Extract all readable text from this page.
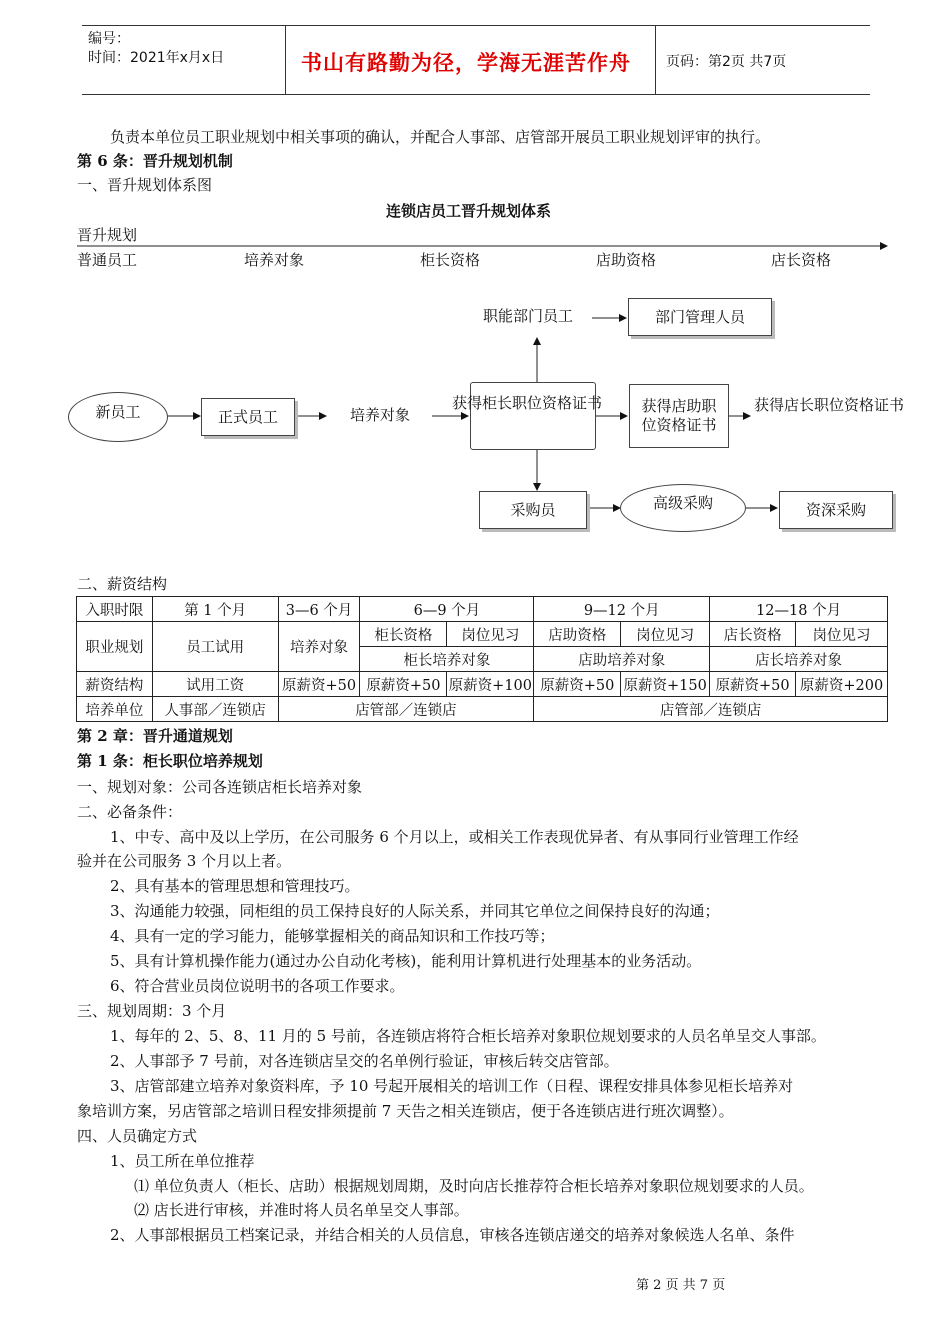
编号：
时间：2021年x月x日	书山有路勤为径，学海无涯苦作舟	页码：第2页 共7页
负责本单位员工职业规划中相关事项的确认，并配合人事部、店管部开展员工职业规划评审的执行。
第 6 条：晋升规划机制
一、晋升规划体系图
连锁店员工晋升规划体系
晋升规划
普通员工	培养对象	柜长资格	店助资格	店长资格
新员工	正式员工	培养对象
获得柜长职位资格证书	获得店助职
位资格证书
获得店长职位资格证书
职能部门员工	部门管理人员
采购员	高级采购	资深采购
二、薪资结构
入职时限	第 1 个月	3—6 个月	6—9 个月		9—12 个月		12—18 个月	
职业规划	员工试用	培养对象	柜长资格	岗位见习	店助资格	岗位见习	店长资格	岗位见习
			柜长培养对象		店助培养对象		店长培养对象	
薪资结构	试用工资	原薪资+50	原薪资+50	原薪资+100	原薪资+50	原薪资+150	原薪资+50	原薪资+200
培养单位	人事部／连锁店	店管部／连锁店			店管部／连锁店			
第 2 章：晋升通道规划
第 1 条：柜长职位培养规划
一、规划对象：公司各连锁店柜长培养对象
二、必备条件：
1、中专、高中及以上学历，在公司服务 6 个月以上，或相关工作表现优异者、有从事同行业管理工作经
验并在公司服务 3 个月以上者。
2、具有基本的管理思想和管理技巧。
3、沟通能力较强，同柜组的员工保持良好的人际关系，并同其它单位之间保持良好的沟通；
4、具有一定的学习能力，能够掌握相关的商品知识和工作技巧等；
5、具有计算机操作能力(通过办公自动化考核)，能利用计算机进行处理基本的业务活动。
6、符合营业员岗位说明书的各项工作要求。
三、规划周期：3 个月
1、每年的 2、5、8、11 月的 5 号前，各连锁店将符合柜长培养对象职位规划要求的人员名单呈交人事部。
2、人事部予 7 号前，对各连锁店呈交的名单例行验证，审核后转交店管部。
3、店管部建立培养对象资料库，予 10 号起开展相关的培训工作（日程、课程安排具体参见柜长培养对
象培训方案，另店管部之培训日程安排须提前 7 天告之相关连锁店，便于各连锁店进行班次调整）。
四、人员确定方式
1、员工所在单位推荐
⑴ 单位负责人（柜长、店助）根据规划周期，及时向店长推荐符合柜长培养对象职位规划要求的人员。
⑵ 店长进行审核，并准时将人员名单呈交人事部。
2、人事部根据员工档案记录，并结合相关的人员信息，审核各连锁店递交的培养对象候选人名单、条件
第 2 页 共 7 页
